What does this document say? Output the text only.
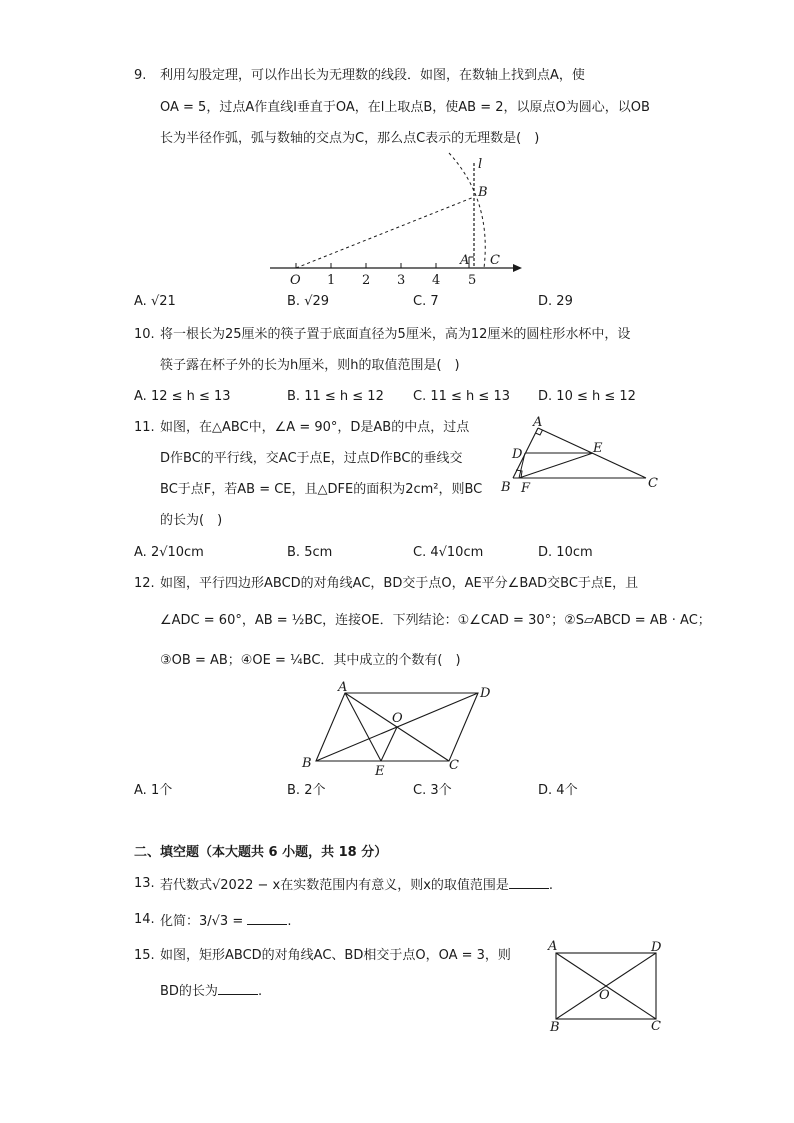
9. 利用勾股定理，可以作出长为无理数的线段．如图，在数轴上找到点A，使
OA = 5，过点A作直线l垂直于OA，在l上取点B，使AB = 2，以原点O为圆心，以OB
长为半径作弧，弧与数轴的交点为C，那么点C表示的无理数是(　)
l
B
O
A C
1 2 3 4 5
A. √21	B. √29	C. 7	D. 29
10. 将一根长为25厘米的筷子置于底面直径为5厘米，高为12厘米的圆柱形水杯中，设
筷子露在杯子外的长为h厘米，则h的取值范围是(　)
A. 12 ≤ h ≤ 13	B. 11 ≤ h ≤ 12 C. 11 ≤ h ≤ 13 D. 10 ≤ h ≤ 12
11. 如图，在△ABC中，∠A = 90°，D是AB的中点，过点
D作BC的平行线，交AC于点E，过点D作BC的垂线交
BC于点F，若AB = CE，且△DFE的面积为2cm²，则BC
的长为(　)
A
D	E
B F	C
A. 2√10cm	B. 5cm	C. 4√10cm	D. 10cm
12. 如图，平行四边形ABCD的对角线AC，BD交于点O，AE平分∠BAD交BC于点E，且
∠ADC = 60°，AB = ½BC，连接OE．下列结论：①∠CAD = 30°；②S▱ABCD = AB · AC；
③OB = AB；④OE = ¼BC．其中成立的个数有(　)
A	D
O
B
E	C
A. 1个	B. 2个	C. 3个	D. 4个
二、填空题（本大题共 6 小题，共 18 分）
13. 若代数式√2022 − x在实数范围内有意义，则x的取值范围是	.
14. 化简：3/√3 =	.
15. 如图，矩形ABCD的对角线AC、BD相交于点O，OA = 3，则
BD的长为	.
A	D
O
B	C
